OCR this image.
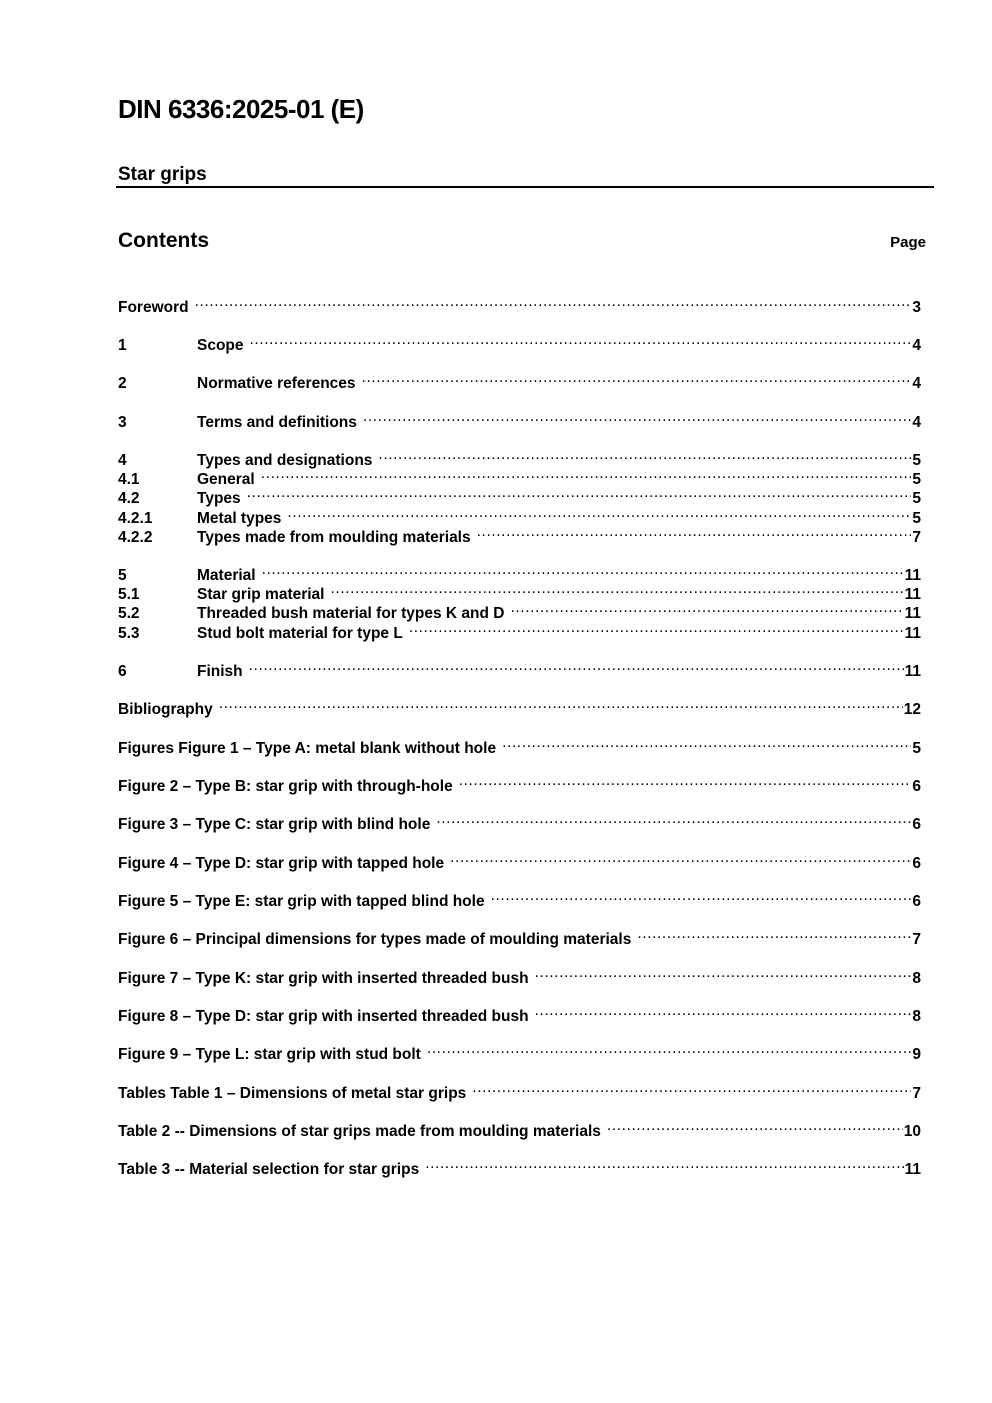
DIN 6336:2025-01 (E)
Star grips
Contents	Page
Foreword .....	3
1	Scope .....	4
2	Normative references .....	4
3	Terms and definitions .....	4
4	Types and designations .....	5
4.1	General .....	5
4.2	Types .....	5
4.2.1	Metal types .....	5
4.2.2	Types made from moulding materials .....	7
5	Material .....	11
5.1	Star grip material .....	11
5.2	Threaded bush material for types K and D .....	11
5.3	Stud bolt material for type L .....	11
6	Finish .....	11
Bibliography .....	12
Figures Figure 1 – Type A: metal blank without hole .....	5
Figure 2 – Type B: star grip with through-hole .....	6
Figure 3 – Type C: star grip with blind hole .....	6
Figure 4 – Type D: star grip with tapped hole .....	6
Figure 5 – Type E: star grip with tapped blind hole .....	6
Figure 6 – Principal dimensions for types made of moulding materials .....	7
Figure 7 – Type K: star grip with inserted threaded bush .....	8
Figure 8 – Type D: star grip with inserted threaded bush .....	8
Figure 9 – Type L: star grip with stud bolt .....	9
Tables Table 1 – Dimensions of metal star grips .....	7
Table 2 -- Dimensions of star grips made from moulding materials .....	10
Table 3 -- Material selection for star grips .....	11
